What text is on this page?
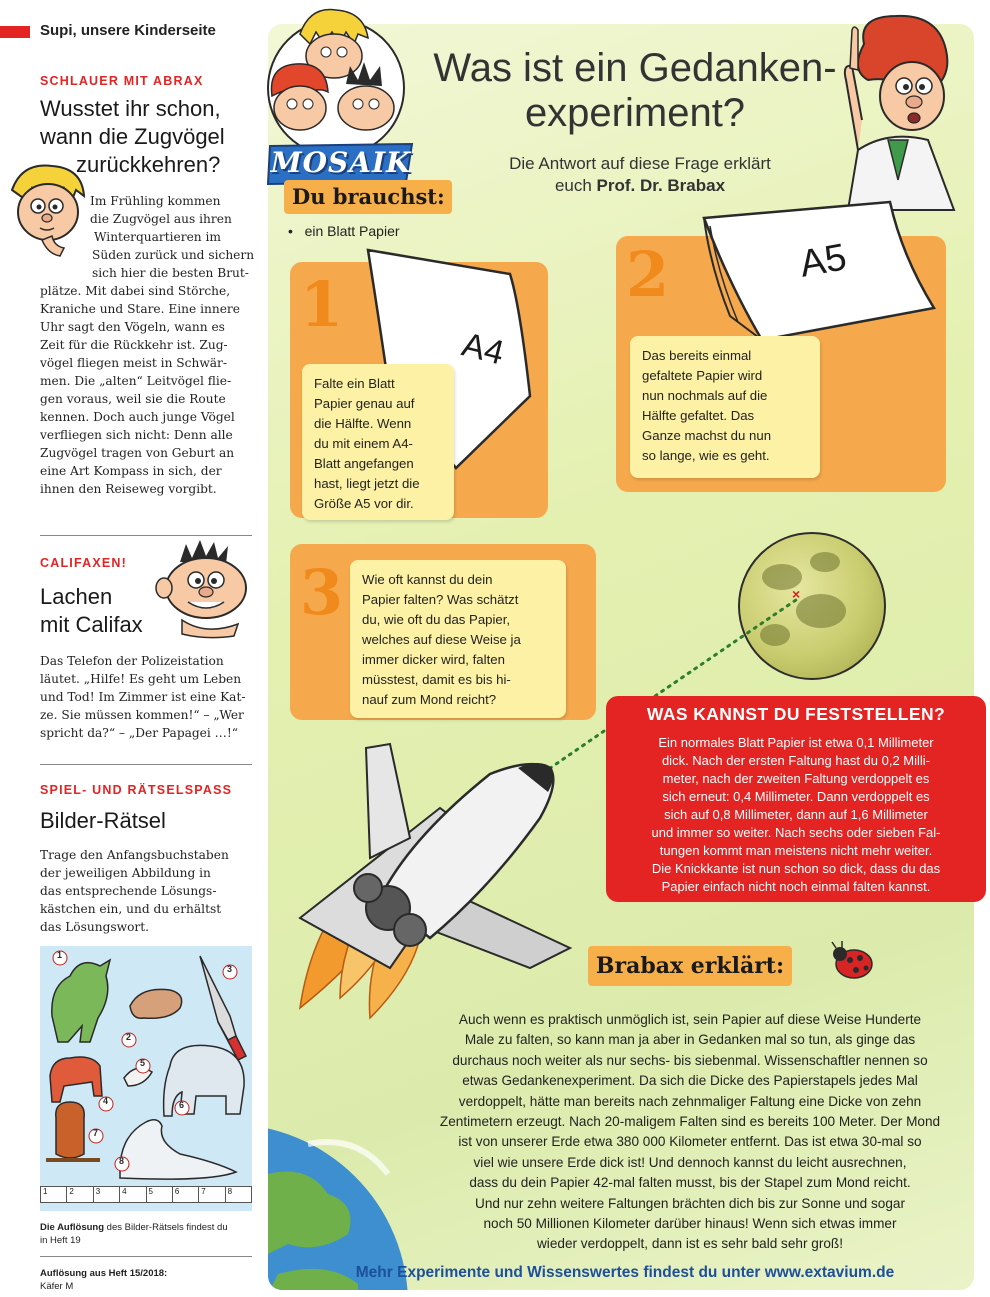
Supi, unsere Kinderseite
SCHLAUER MIT ABRAX
Wusstet ihr schon,
wann die Zugvögel
zurückkehren?
Im Frühling kommen
die Zugvögel aus ihren
Winterquartieren im
Süden zurück und sichern
sich hier die besten Brut-
plätze. Mit dabei sind Störche,
Kraniche und Stare. Eine innere
Uhr sagt den Vögeln, wann es
Zeit für die Rückkehr ist. Zug-
vögel fliegen meist in Schwär-
men. Die „alten“ Leitvögel flie-
gen voraus, weil sie die Route
kennen. Doch auch junge Vögel
verfliegen sich nicht: Denn alle
Zugvögel tragen von Geburt an
eine Art Kompass in sich, der
ihnen den Reiseweg vorgibt.
CALIFAXEN!
Lachen
mit Califax
Das Telefon der Polizeistation
läutet. „Hilfe! Es geht um Leben
und Tod! Im Zimmer ist eine Kat-
ze. Sie müssen kommen!“ – „Wer
spricht da?“ – „Der Papagei …!“
SPIEL- UND RÄTSELSPASS
Bilder-Rätsel
Trage den Anfangsbuchstaben
der jeweiligen Abbildung in
das entsprechende Lösungs-
kästchen ein, und du erhältst
das Lösungswort.
1
2
3
4
5
6
7
8
1	2	3	4	5	6	7	8
Die Auflösung des Bilder-Rätsels findest du
in Heft 19
Auflösung aus Heft 15/2018:
Käfer M
MOSAIK
Was ist ein Gedanken-
experiment?
Die Antwort auf diese Frage erklärt
euch Prof. Dr. Brabax
Du brauchst:
•   ein Blatt Papier
1
A4
Falte ein Blatt
Papier genau auf
die Hälfte. Wenn
du mit einem A4-
Blatt angefangen
hast, liegt jetzt die
Größe A5 vor dir.
2	A5
Das bereits einmal
gefaltete Papier wird
nun nochmals auf die
Hälfte gefaltet. Das
Ganze machst du nun
so lange, wie es geht.
3 Wie oft kannst du dein
Papier falten? Was schätzt
du, wie oft du das Papier,
welches auf diese Weise ja
immer dicker wird, falten
müsstest, damit es bis hi-
nauf zum Mond reicht?
×
WAS KANNST DU FESTSTELLEN?
Ein normales Blatt Papier ist etwa 0,1 Millimeter
dick. Nach der ersten Faltung hast du 0,2 Milli-
meter, nach der zweiten Faltung verdoppelt es
sich erneut: 0,4 Millimeter. Dann verdoppelt es
sich auf 0,8 Millimeter, dann auf 1,6 Millimeter
und immer so weiter. Nach sechs oder sieben Fal-
tungen kommt man meistens nicht mehr weiter.
Die Knickkante ist nun schon so dick, dass du das
Papier einfach nicht noch einmal falten kannst.
Brabax erklärt:
Auch wenn es praktisch unmöglich ist, sein Papier auf diese Weise Hunderte
Male zu falten, so kann man ja aber in Gedanken mal so tun, als ginge das
durchaus noch weiter als nur sechs- bis siebenmal. Wissenschaftler nennen so
etwas Gedankenexperiment. Da sich die Dicke des Papierstapels jedes Mal
verdoppelt, hätte man bereits nach zehnmaliger Faltung eine Dicke von zehn
Zentimetern erzeugt. Nach 20-maligem Falten sind es bereits 100 Meter. Der Mond
ist von unserer Erde etwa 380 000 Kilometer entfernt. Das ist etwa 30-mal so
viel wie unsere Erde dick ist! Und dennoch kannst du leicht ausrechnen,
dass du dein Papier 42-mal falten musst, bis der Stapel zum Mond reicht.
Und nur zehn weitere Faltungen brächten dich bis zur Sonne und sogar
noch 50 Millionen Kilometer darüber hinaus! Wenn sich etwas immer
wieder verdoppelt, dann ist es sehr bald sehr groß!
Mehr Experimente und Wissenswertes findest du unter www.extavium.de
